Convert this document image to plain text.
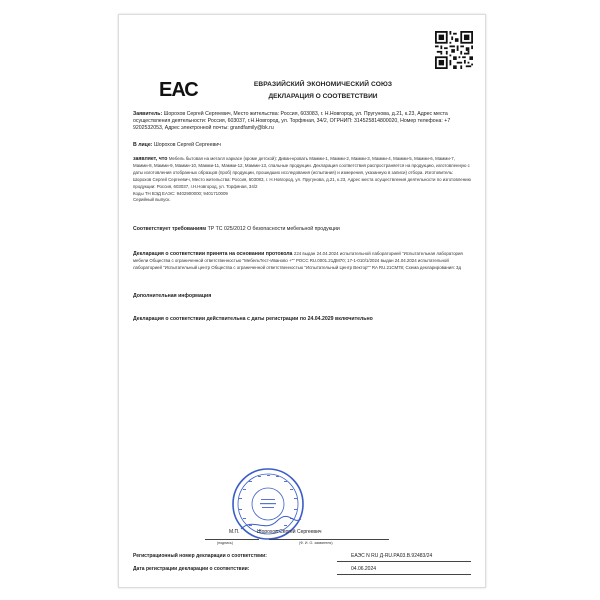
ЕАС	ЕВРАЗИЙСКИЙ ЭКОНОМИЧЕСКИЙ СОЮЗ
ДЕКЛАРАЦИЯ О СООТВЕТСТВИИ
Заявитель: Шорохов Сергей Сергеевич, Место жительства: Россия, 603083, г. Н.Новгород, ул. Пругунова, д.21, к.23, Адрес места осуществления деятельности: Россия, 603037, г.Н.Новгород, ул. Торфяная, 34/2, ОГРНИП: 314525814800020, Номер телефона: +7 9202532053, Адрес электронной почты: grandfamily@bk.ru
В лице: Шорохов Сергей Сергеевич
заявляет, что Мебель бытовая на металл каркасе (кроме детской): Диван-кровать Мамми-1, Мамми-2, Мамми-3, Мамми-4, Мамми-5, Мамми-6, Мамми-7, Мамми-8, Мамми-9, Мамми-10, Мамми-11, Мамми-12, Мамми-13, спальные продукции. Декларация соответствия распространяется на продукцию, изготовленную с даты изготовления отобранных образцов (проб) продукции, прошедших исследования (испытания) и измерения, указанную в записи) отбора. Изготовитель: Шорохов Сергей Сергеевич, Место жительства: Россия, 603083, г. Н.Новгород, ул. Пругунова, д.21, к.23, Адрес места осуществления деятельности по изготовлению продукции: Россия, 603037, г.Н.Новгород, ул. Торфяная, 34/2
Коды ТН ВЭД ЕАЭС: 9402900000; 9401710009
Серийный выпуск.
Соответствует требованиям ТР ТС 025/2012 О безопасности мебельной продукции
Декларация о соответствии принята на основании протокола 224 выдан 24.04.2024 испытательной лабораторией "Испытательная лаборатория мебели Общества с ограниченной ответственностью "МебельТест-Иваново +"" РОСС RU.0001.21ДМ70; 17-1-010/1/2024 выдан 24.04.2024 испытательной лабораторией "Испытательный центр Общества с ограниченной ответственностью "Испытательный Центр Вектор"" RA RU.21СМ78; Схема декларирования: 3д
Дополнительная информация
Декларация о соответствии действительна с даты регистрации по 24.04.2029 включительно
М.П.	Шорохов Сергей Сергеевич
(подпись)	(Ф. И. О. заявителя)
Регистрационный номер декларации о соответствии:	ЕАЭС N RU Д-RU.РА03.В.92483/24
Дата регистрации декларации о соответствии:	04.06.2024
